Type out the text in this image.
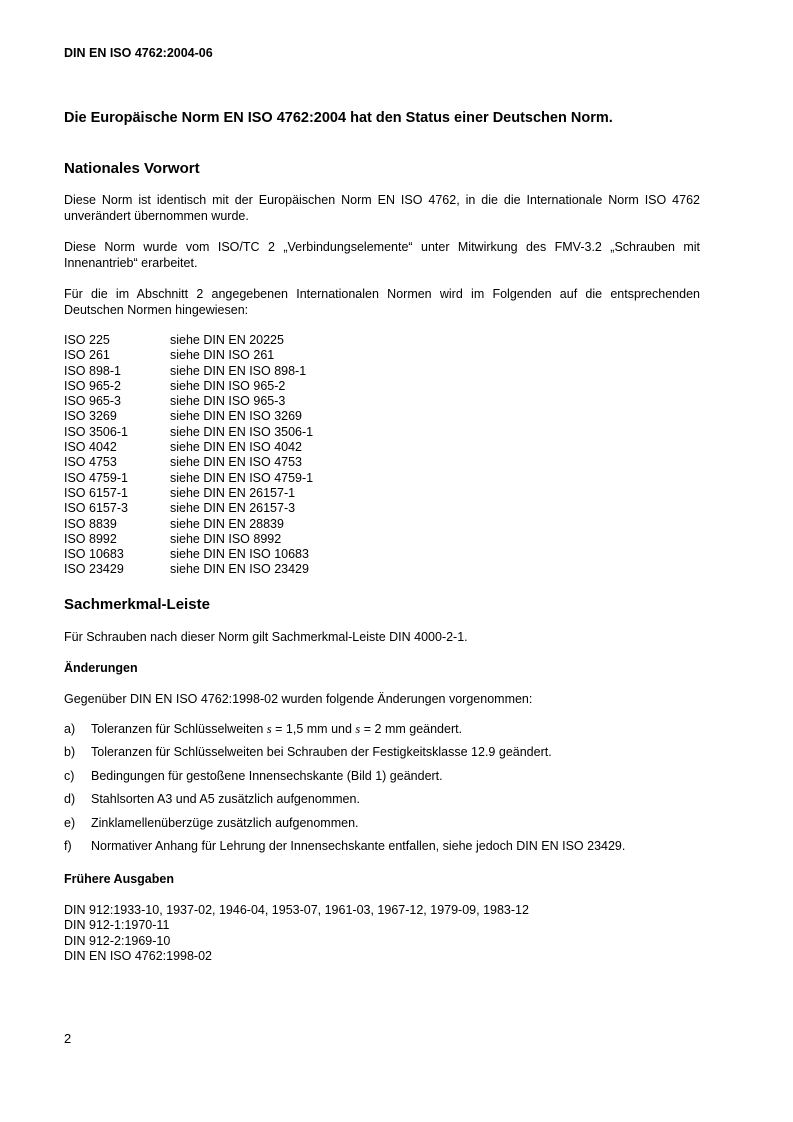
DIN EN ISO 4762:2004-06
Die Europäische Norm EN ISO 4762:2004 hat den Status einer Deutschen Norm.
Nationales Vorwort
Diese Norm ist identisch mit der Europäischen Norm EN ISO 4762, in die die Internationale Norm ISO 4762
unverändert übernommen wurde.
Diese Norm wurde vom ISO/TC 2 „Verbindungselemente“ unter Mitwirkung des FMV-3.2 „Schrauben mit
Innenantrieb“ erarbeitet.
Für die im Abschnitt 2 angegebenen Internationalen Normen wird im Folgenden auf die entsprechenden
Deutschen Normen hingewiesen:
ISO 225	siehe DIN EN 20225
ISO 261	siehe DIN ISO 261
ISO 898-1	siehe DIN EN ISO 898-1
ISO 965-2	siehe DIN ISO 965-2
ISO 965-3	siehe DIN ISO 965-3
ISO 3269	siehe DIN EN ISO 3269
ISO 3506-1	siehe DIN EN ISO 3506-1
ISO 4042	siehe DIN EN ISO 4042
ISO 4753	siehe DIN EN ISO 4753
ISO 4759-1	siehe DIN EN ISO 4759-1
ISO 6157-1	siehe DIN EN 26157-1
ISO 6157-3	siehe DIN EN 26157-3
ISO 8839	siehe DIN EN 28839
ISO 8992	siehe DIN ISO 8992
ISO 10683	siehe DIN EN ISO 10683
ISO 23429	siehe DIN EN ISO 23429
Sachmerkmal-Leiste
Für Schrauben nach dieser Norm gilt Sachmerkmal-Leiste DIN 4000-2-1.
Änderungen
Gegenüber DIN EN ISO 4762:1998-02 wurden folgende Änderungen vorgenommen:
a)	Toleranzen für Schlüsselweiten s = 1,5 mm und s = 2 mm geändert.
b)	Toleranzen für Schlüsselweiten bei Schrauben der Festigkeitsklasse 12.9 geändert.
c)	Bedingungen für gestoßene Innensechskante (Bild 1) geändert.
d)	Stahlsorten A3 und A5 zusätzlich aufgenommen.
e)	Zinklamellenüberzüge zusätzlich aufgenommen.
f)	Normativer Anhang für Lehrung der Innensechskante entfallen, siehe jedoch DIN EN ISO 23429.
Frühere Ausgaben
DIN 912:1933-10, 1937-02, 1946-04, 1953-07, 1961-03, 1967-12, 1979-09, 1983-12
DIN 912-1:1970-11
DIN 912-2:1969-10
DIN EN ISO 4762:1998-02
2
